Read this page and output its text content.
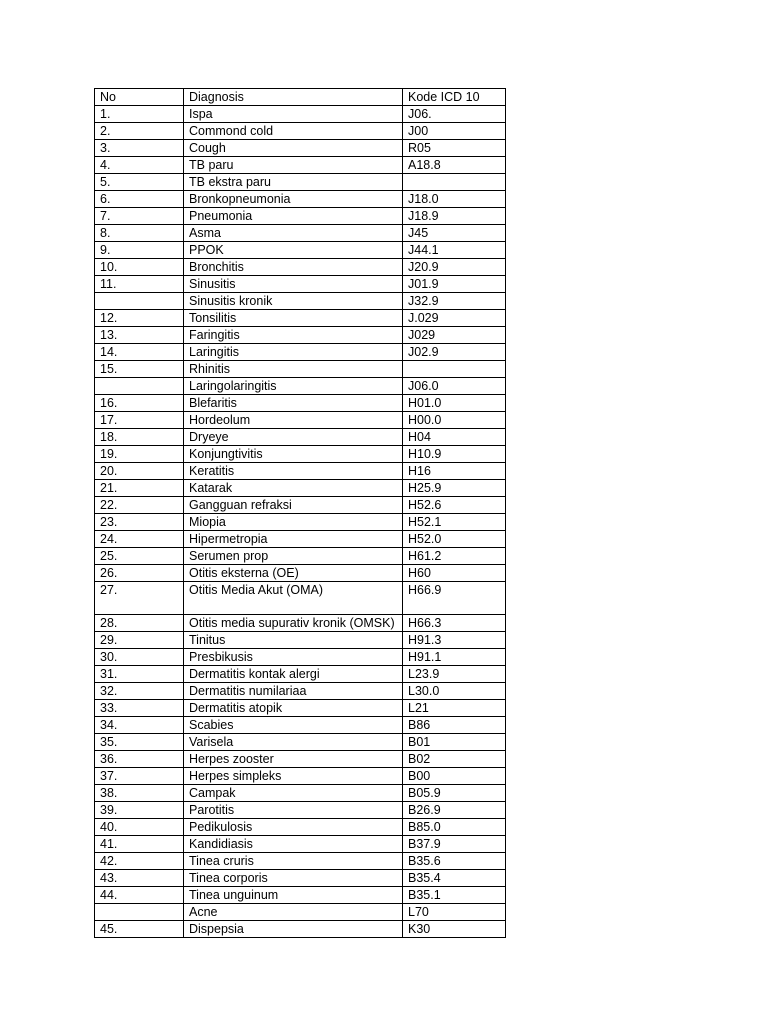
No	Diagnosis	Kode ICD 10
1.	Ispa	J06.
2.	Commond cold	J00
3.	Cough	R05
4.	TB paru	A18.8
5.	TB ekstra paru	
6.	Bronkopneumonia	J18.0
7.	Pneumonia	J18.9
8.	Asma	J45
9.	PPOK	J44.1
10.	Bronchitis	J20.9
11.	Sinusitis	J01.9
	Sinusitis kronik	J32.9
12.	Tonsilitis	J.029
13.	Faringitis	J029
14.	Laringitis	J02.9
15.	Rhinitis	
	Laringolaringitis	J06.0
16.	Blefaritis	H01.0
17.	Hordeolum	H00.0
18.	Dryeye	H04
19.	Konjungtivitis	H10.9
20.	Keratitis	H16
21.	Katarak	H25.9
22.	Gangguan refraksi	H52.6
23.	Miopia	H52.1
24.	Hipermetropia	H52.0
25.	Serumen prop	H61.2
26.	Otitis eksterna (OE)	H60
27.	Otitis Media Akut (OMA)	H66.9
28.	Otitis media supurativ kronik (OMSK)	H66.3
29.	Tinitus	H91.3
30.	Presbikusis	H91.1
31.	Dermatitis kontak alergi	L23.9
32.	Dermatitis numilariaa	L30.0
33.	Dermatitis atopik	L21
34.	Scabies	B86
35.	Varisela	B01
36.	Herpes zooster	B02
37.	Herpes simpleks	B00
38.	Campak	B05.9
39.	Parotitis	B26.9
40.	Pedikulosis	B85.0
41.	Kandidiasis	B37.9
42.	Tinea cruris	B35.6
43.	Tinea corporis	B35.4
44.	Tinea unguinum	B35.1
	Acne	L70
45.	Dispepsia	K30
